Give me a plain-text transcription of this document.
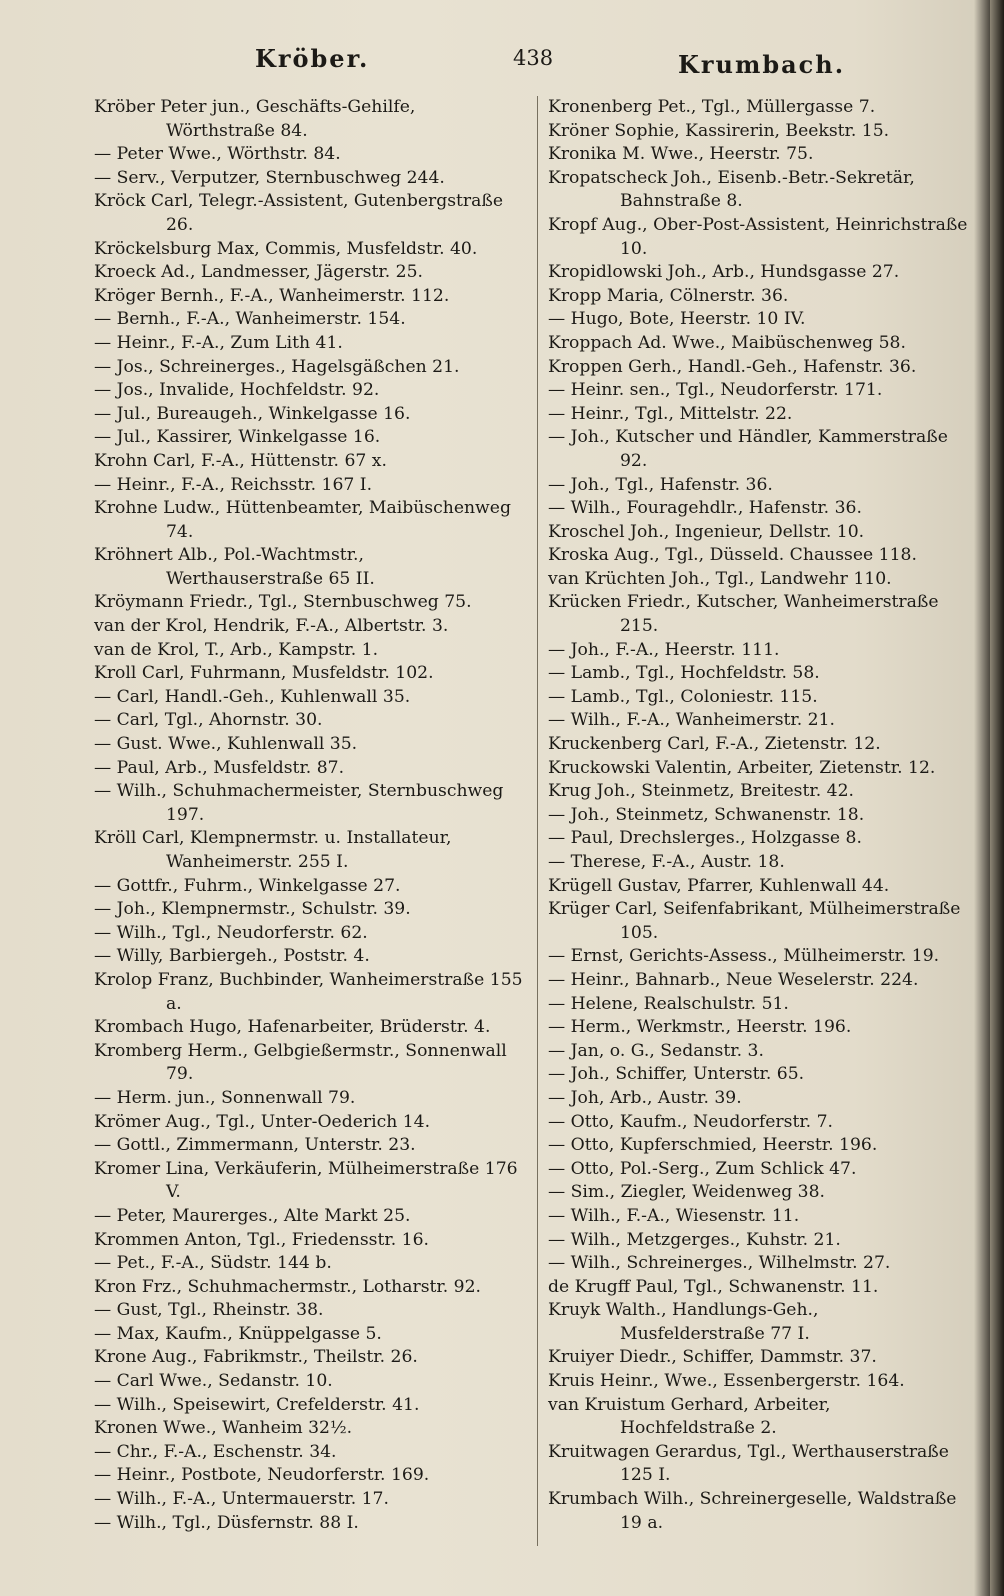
Kröber.	438	Krumbach.
Kröber Peter jun., Geschäfts-Gehilfe, Wörthstraße 84.
— Peter Wwe., Wörthstr. 84.
— Serv., Verputzer, Sternbuschweg 244.
Kröck Carl, Telegr.-Assistent, Gutenbergstraße 26.
Kröckelsburg Max, Commis, Musfeldstr. 40.
Kroeck Ad., Landmesser, Jägerstr. 25.
Kröger Bernh., F.-A., Wanheimerstr. 112.
— Bernh., F.-A., Wanheimerstr. 154.
— Heinr., F.-A., Zum Lith 41.
— Jos., Schreinerges., Hagelsgäßchen 21.
— Jos., Invalide, Hochfeldstr. 92.
— Jul., Bureaugeh., Winkelgasse 16.
— Jul., Kassirer, Winkelgasse 16.
Krohn Carl, F.-A., Hüttenstr. 67 x.
— Heinr., F.-A., Reichsstr. 167 I.
Krohne Ludw., Hüttenbeamter, Maibüschenweg 74.
Kröhnert Alb., Pol.-Wachtmstr., Werthauserstraße 65 II.
Kröymann Friedr., Tgl., Sternbuschweg 75.
van der Krol, Hendrik, F.-A., Albertstr. 3.
van de Krol, T., Arb., Kampstr. 1.
Kroll Carl, Fuhrmann, Musfeldstr. 102.
— Carl, Handl.-Geh., Kuhlenwall 35.
— Carl, Tgl., Ahornstr. 30.
— Gust. Wwe., Kuhlenwall 35.
— Paul, Arb., Musfeldstr. 87.
— Wilh., Schuhmachermeister, Sternbuschweg 197.
Kröll Carl, Klempnermstr. u. Installateur, Wanheimerstr. 255 I.
— Gottfr., Fuhrm., Winkelgasse 27.
— Joh., Klempnermstr., Schulstr. 39.
— Wilh., Tgl., Neudorferstr. 62.
— Willy, Barbiergeh., Poststr. 4.
Krolop Franz, Buchbinder, Wanheimerstraße 155 a.
Krombach Hugo, Hafenarbeiter, Brüderstr. 4.
Kromberg Herm., Gelbgießermstr., Sonnenwall 79.
— Herm. jun., Sonnenwall 79.
Krömer Aug., Tgl., Unter-Oederich 14.
— Gottl., Zimmermann, Unterstr. 23.
Kromer Lina, Verkäuferin, Mülheimerstraße 176 V.
— Peter, Maurerges., Alte Markt 25.
Krommen Anton, Tgl., Friedensstr. 16.
— Pet., F.-A., Südstr. 144 b.
Kron Frz., Schuhmachermstr., Lotharstr. 92.
— Gust, Tgl., Rheinstr. 38.
— Max, Kaufm., Knüppelgasse 5.
Krone Aug., Fabrikmstr., Theilstr. 26.
— Carl Wwe., Sedanstr. 10.
— Wilh., Speisewirt, Crefelderstr. 41.
Kronen Wwe., Wanheim 32½.
— Chr., F.-A., Eschenstr. 34.
— Heinr., Postbote, Neudorferstr. 169.
— Wilh., F.-A., Untermauerstr. 17.
— Wilh., Tgl., Düsfernstr. 88 I.
Kronenberg Pet., Tgl., Müllergasse 7.
Kröner Sophie, Kassirerin, Beekstr. 15.
Kronika M. Wwe., Heerstr. 75.
Kropatscheck Joh., Eisenb.-Betr.-Sekretär, Bahnstraße 8.
Kropf Aug., Ober-Post-Assistent, Heinrichstraße 10.
Kropidlowski Joh., Arb., Hundsgasse 27.
Kropp Maria, Cölnerstr. 36.
— Hugo, Bote, Heerstr. 10 IV.
Kroppach Ad. Wwe., Maibüschenweg 58.
Kroppen Gerh., Handl.-Geh., Hafenstr. 36.
— Heinr. sen., Tgl., Neudorferstr. 171.
— Heinr., Tgl., Mittelstr. 22.
— Joh., Kutscher und Händler, Kammerstraße 92.
— Joh., Tgl., Hafenstr. 36.
— Wilh., Fouragehdlr., Hafenstr. 36.
Kroschel Joh., Ingenieur, Dellstr. 10.
Kroska Aug., Tgl., Düsseld. Chaussee 118.
van Krüchten Joh., Tgl., Landwehr 110.
Krücken Friedr., Kutscher, Wanheimerstraße 215.
— Joh., F.-A., Heerstr. 111.
— Lamb., Tgl., Hochfeldstr. 58.
— Lamb., Tgl., Coloniestr. 115.
— Wilh., F.-A., Wanheimerstr. 21.
Kruckenberg Carl, F.-A., Zietenstr. 12.
Kruckowski Valentin, Arbeiter, Zietenstr. 12.
Krug Joh., Steinmetz, Breitestr. 42.
— Joh., Steinmetz, Schwanenstr. 18.
— Paul, Drechslerges., Holzgasse 8.
— Therese, F.-A., Austr. 18.
Krügell Gustav, Pfarrer, Kuhlenwall 44.
Krüger Carl, Seifenfabrikant, Mülheimerstraße 105.
— Ernst, Gerichts-Assess., Mülheimerstr. 19.
— Heinr., Bahnarb., Neue Weselerstr. 224.
— Helene, Realschulstr. 51.
— Herm., Werkmstr., Heerstr. 196.
— Jan, o. G., Sedanstr. 3.
— Joh., Schiffer, Unterstr. 65.
— Joh, Arb., Austr. 39.
— Otto, Kaufm., Neudorferstr. 7.
— Otto, Kupferschmied, Heerstr. 196.
— Otto, Pol.-Serg., Zum Schlick 47.
— Sim., Ziegler, Weidenweg 38.
— Wilh., F.-A., Wiesenstr. 11.
— Wilh., Metzgerges., Kuhstr. 21.
— Wilh., Schreinerges., Wilhelmstr. 27.
de Krugff Paul, Tgl., Schwanenstr. 11.
Kruyk Walth., Handlungs-Geh., Musfelderstraße 77 I.
Kruiyer Diedr., Schiffer, Dammstr. 37.
Kruis Heinr., Wwe., Essenbergerstr. 164.
van Kruistum Gerhard, Arbeiter, Hochfeldstraße 2.
Kruitwagen Gerardus, Tgl., Werthauserstraße 125 I.
Krumbach Wilh., Schreinergeselle, Waldstraße 19 a.
